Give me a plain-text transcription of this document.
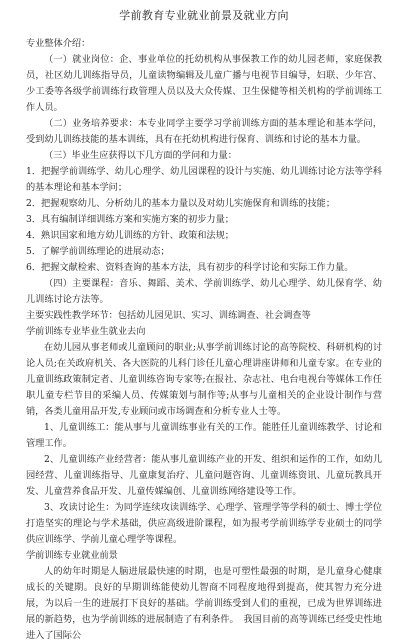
学前教育专业就业前景及就业方向

专业整体介绍：

（一）就业岗位：企、事业单位的托幼机构从事保教工作的幼儿园老师，家庭保教员，社区幼儿训练指导员，儿童读物编辑及儿童广播与电视节目编导，妇联、少年宫、少工委等各级学前训练行政管理人员以及大众传媒、卫生保健等相关机构的学前训练工作人员。

（二）业务培养要求：本专业同学主要学习学前训练方面的基本理论和基本学问，受到幼儿训练技能的基本训练，具有在托幼机构进行保育、训练和讨论的基本力量。

（三）毕业生应获得以下几方面的学问和力量：

1．把握学前训练学、幼儿心理学、幼儿园课程的设计与实施、幼儿训练讨论方法等学科的基本理论和基本学问；

2．把握观察幼儿、分析幼儿的基本力量以及对幼儿实施保育和训练的技能；

3．具有编制详细训练方案和实施方案的初步力量；

4．熟识国家和地方幼儿训练的方针、政策和法规；

5．了解学前训练理论的进展动态；

6．把握文献检索、资料查询的基本方法，具有初步的科学讨论和实际工作力量。

（四）主要课程：音乐、舞蹈、美术、学前训练学、幼儿心理学、幼儿保育学、幼儿训练讨论方法等。

主要实践性教学环节：包括幼儿园见识、实习、训练调查、社会调查等

学前训练专业毕业生就业去向

在幼儿园从事老师或儿童顾问的职业;从事学前训练讨论的高等院校、科研机构的讨论人员;在关政府机关、各大医院的儿科门诊任儿童心理讲座讲师和儿童专家。在专业的儿童训练政策制定者、儿童训练咨询专家等;在报社、杂志社、电台电视台等媒体工作任职儿童专栏节目的采编人员、传媒策划与制作等;从事与儿童相关的企业设计制作与营销，各类儿童用品开发,专业顾问或市场调查和分析专业人士等。

1、儿童训练工：能从事与儿童训练事业有关的工作。能胜任儿童训练教学、讨论和管理工作。

2、儿童训练产业经营者：能从事儿童训练产业的开发、组织和运作的工作，如幼儿园经营、儿童训练指导、儿童康复治疗、儿童问题咨询、儿童训练资讯、儿童玩教具开发、儿童营养食品开发、儿童传媒编创、儿童训练网络建设等工作。

3、攻读讨论生：为同学连续攻读训练学、心理学、管理学等学科的硕士、博士学位打造坚实的理论与学术基础，供应高级进阶课程，如为报考学前训练学专业硕士的同学供应训练学、学前儿童心理学等课程。

学前训练专业就业前景

人的幼年时期是人脑进展最快速的时期，也是可塑性最强的时期，是儿童身心健康成长的关键期。良好的早期训练能使幼儿智商不同程度地得到提高，使其智力充分进展，为以后一生的进展打下良好的基础。学前训练受到人们的重视，已成为世界训练进展的新趋势，也为学前训练的进展制造了有利条件。　我国目前的高等训练已经受史性地进入了国际公
